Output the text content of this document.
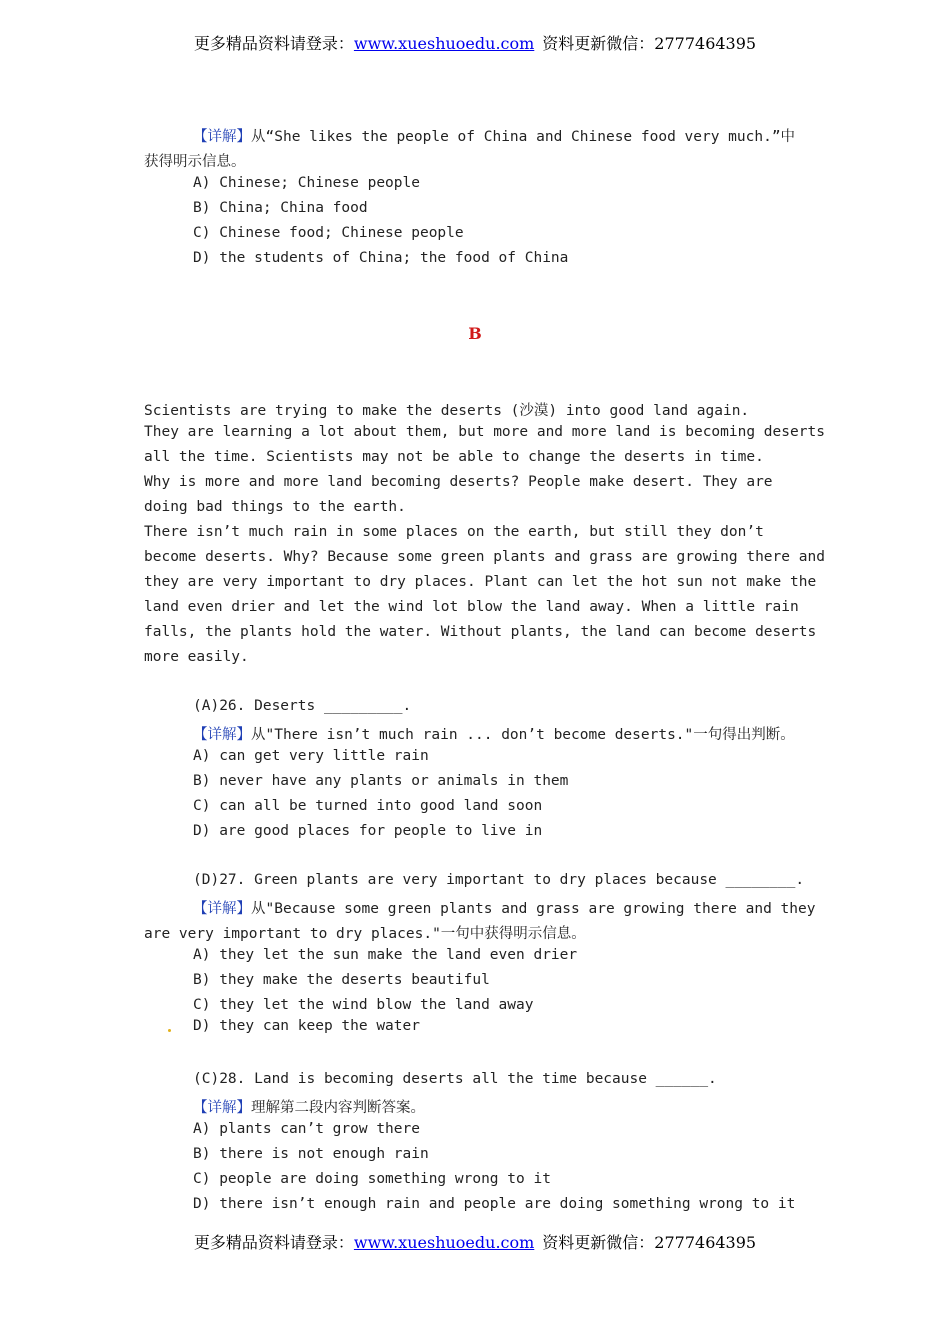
更多精品资料请登录：www.xueshuoedu.com 资料更新微信：2777464395
【详解】从“She likes the people of China and Chinese food very much.”中
获得明示信息。
A) Chinese; Chinese people
B) China; China food
C) Chinese food; Chinese people
D) the students of China; the food of China
B
Scientists are trying to make the deserts (沙漠) into good land again.
They are learning a lot about them, but more and more land is becoming deserts
all the time. Scientists may not be able to change the deserts in time.
Why is more and more land becoming deserts? People make desert. They are
doing bad things to the earth.
There isn’t much rain in some places on the earth, but still they don’t
become deserts. Why? Because some green plants and grass are growing there and
they are very important to dry places. Plant can let the hot sun not make the
land even drier and let the wind lot blow the land away. When a little rain
falls, the plants hold the water. Without plants, the land can become deserts
more easily.
(A)26. Deserts _________.
【详解】从"There isn’t much rain ... don’t become deserts."一句得出判断。
A) can get very little rain
B) never have any plants or animals in them
C) can all be turned into good land soon
D) are good places for people to live in
(D)27. Green plants are very important to dry places because ________.
【详解】从"Because some green plants and grass are growing there and they
are very important to dry places."一句中获得明示信息。
A) they let the sun make the land even drier
B) they make the deserts beautiful
C) they let the wind blow the land away
D) they can keep the water
(C)28. Land is becoming deserts all the time because ______.
【详解】理解第二段内容判断答案。
A) plants can’t grow there
B) there is not enough rain
C) people are doing something wrong to it
D) there isn’t enough rain and people are doing something wrong to it
更多精品资料请登录：www.xueshuoedu.com 资料更新微信：2777464395
